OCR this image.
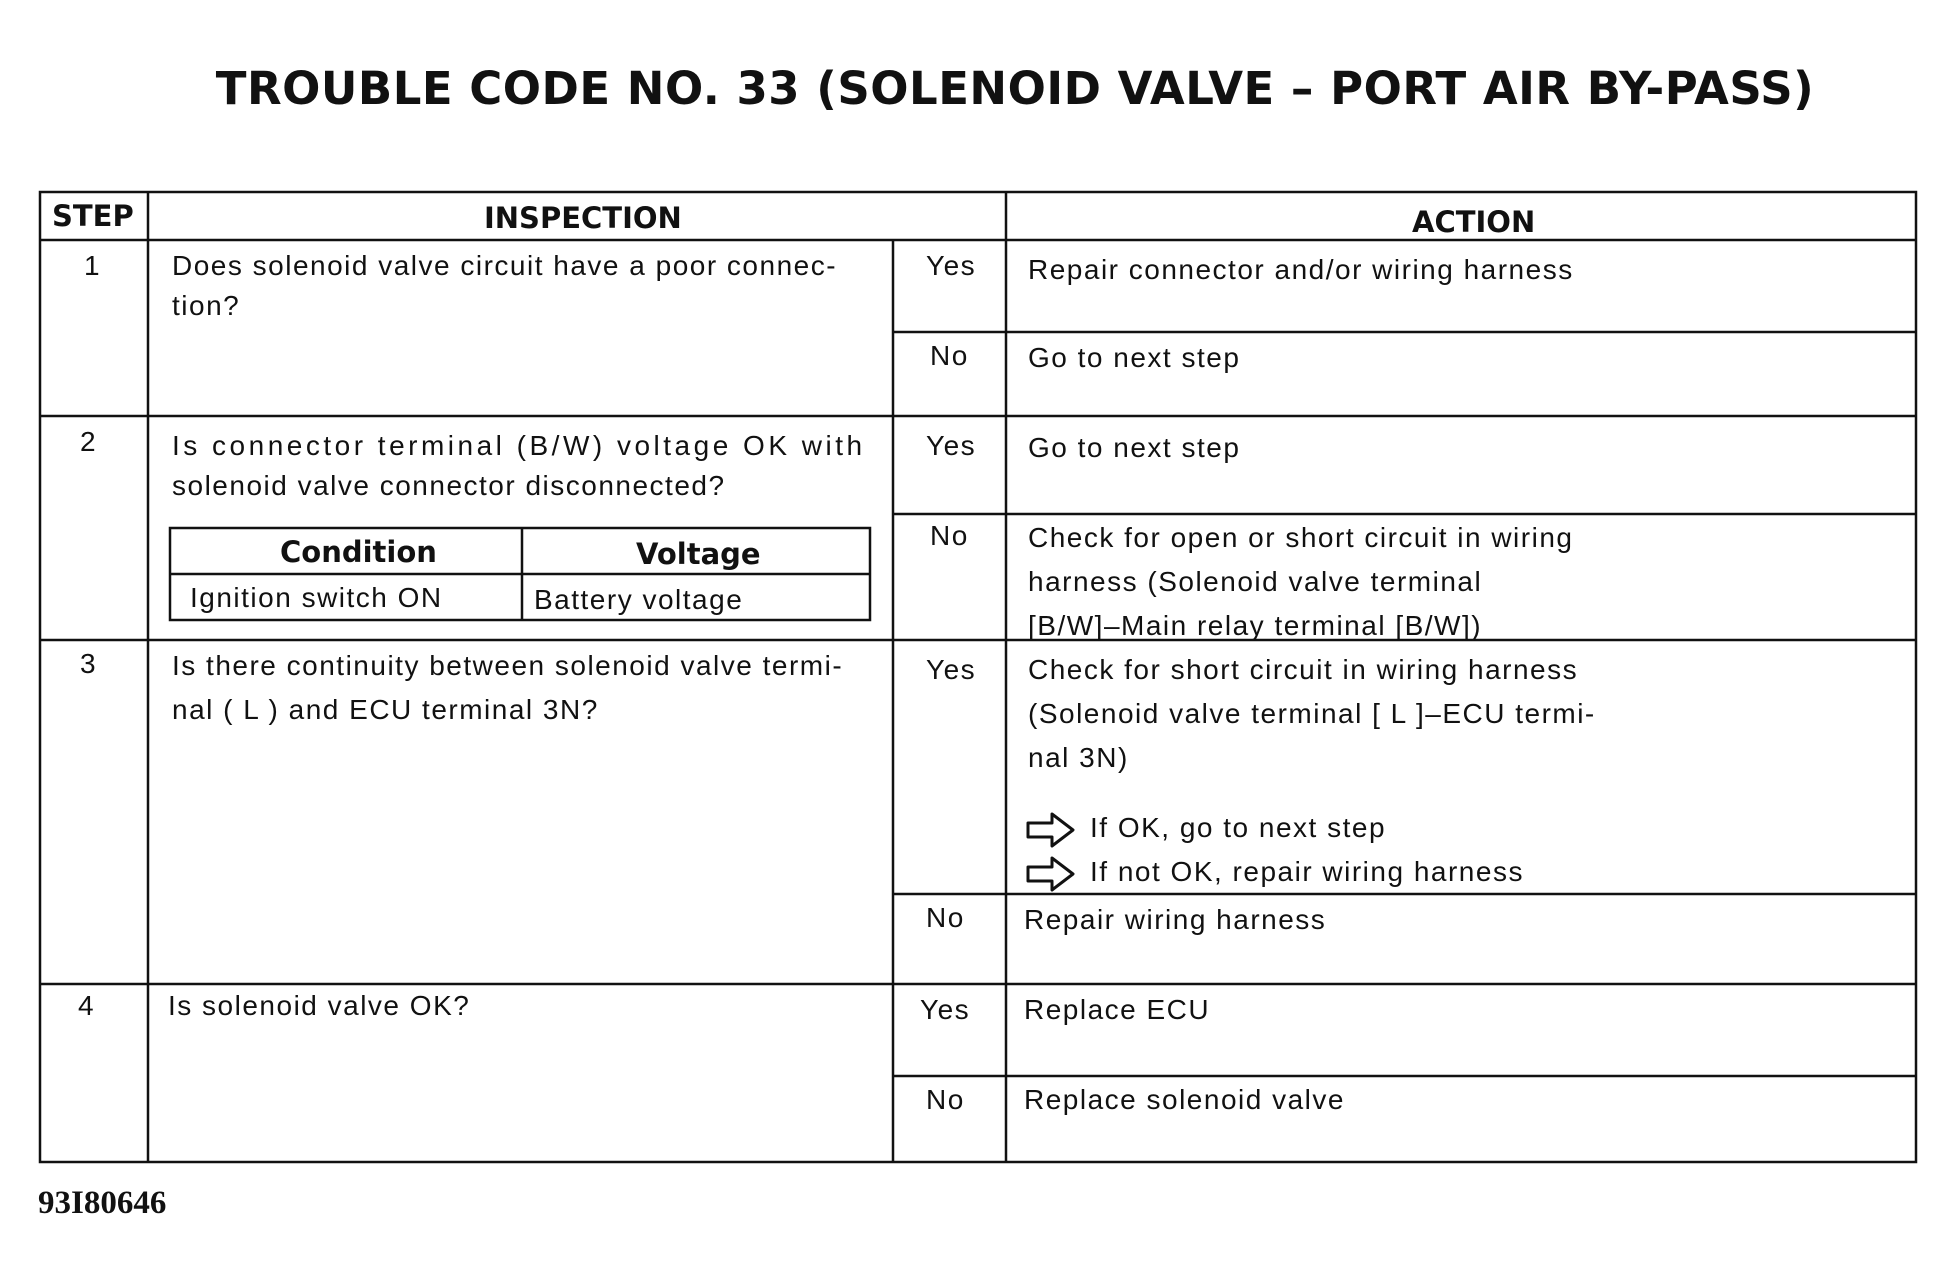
TROUBLE CODE NO. 33 (SOLENOID VALVE – PORT AIR BY-PASS)
STEP	INSPECTION	ACTION
1	Does solenoid valve circuit have a poor connec-
tion?
Yes Repair connector and/or wiring harness
No Go to next step
2	Is connector terminal (B/W) voltage OK with
solenoid valve connector disconnected?
Condition	Voltage
Ignition switch ON	Battery voltage
Yes Go to next step
No Check for open or short circuit in wiring
harness (Solenoid valve terminal
[B/W]–Main relay terminal [B/W])
3	Is there continuity between solenoid valve termi-
nal ( L ) and ECU terminal 3N?
Yes Check for short circuit in wiring harness
(Solenoid valve terminal [ L ]–ECU termi-
nal 3N)
If OK, go to next step
If not OK, repair wiring harness
No Repair wiring harness
4	Is solenoid valve OK?	Yes Replace ECU
No Replace solenoid valve
93I80646
